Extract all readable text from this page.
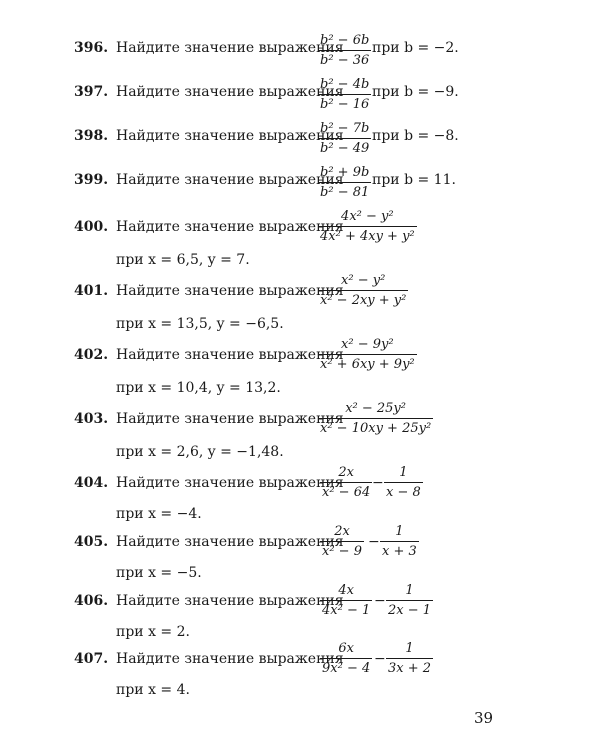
396. Найдите значение выражения
b² − 6b
b² − 36
при b = −2.
397. Найдите значение выражения
b² − 4b
b² − 16
при b = −9.
398. Найдите значение выражения
b² − 7b
b² − 49
при b = −8.
399. Найдите значение выражения
b² + 9b
b² − 81
при b = 11.
400. Найдите значение выражения
4x² − y²
4x² + 4xy + y²
при x = 6,5, y = 7.
401. Найдите значение выражения
x² − y²
x² − 2xy + y²
при x = 13,5, y = −6,5.
402. Найдите значение выражения
x² − 9y²
x² + 6xy + 9y²
при x = 10,4, y = 13,2.
403. Найдите значение выражения
x² − 25y²
x² − 10xy + 25y²
при x = 2,6, y = −1,48.
404. Найдите значение выражения
2x
x² − 64
−
1
x − 8
при x = −4.
405. Найдите значение выражения
2x
x² − 9
−
1
x + 3
при x = −5.
406. Найдите значение выражения
4x
4x² − 1
−
1
2x − 1
при x = 2.
407. Найдите значение выражения
6x
9x² − 4
−
1
3x + 2
при x = 4.
39
